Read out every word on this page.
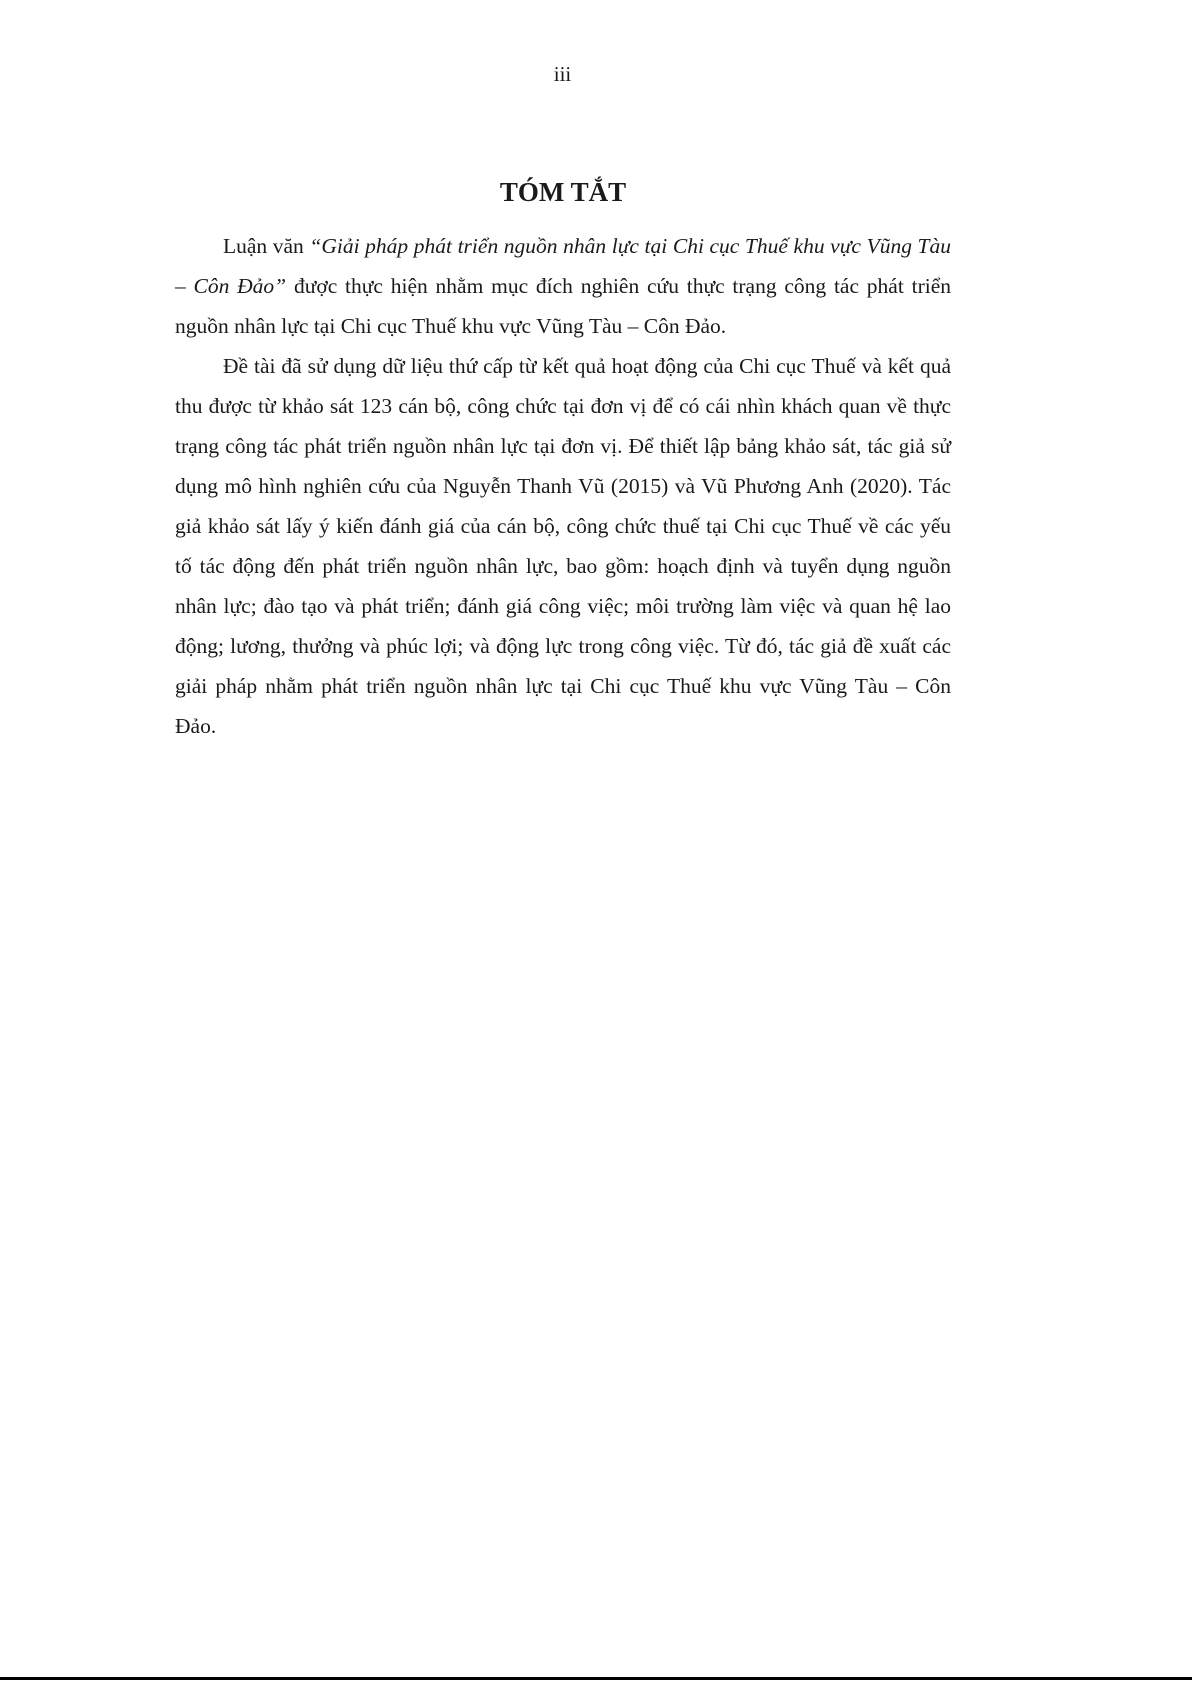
iii
TÓM TẮT

Luận văn “Giải pháp phát triển nguồn nhân lực tại Chi cục Thuế khu vực Vũng Tàu – Côn Đảo” được thực hiện nhằm mục đích nghiên cứu thực trạng công tác phát triển nguồn nhân lực tại Chi cục Thuế khu vực Vũng Tàu – Côn Đảo.

Đề tài đã sử dụng dữ liệu thứ cấp từ kết quả hoạt động của Chi cục Thuế và kết quả thu được từ khảo sát 123 cán bộ, công chức tại đơn vị để có cái nhìn khách quan về thực trạng công tác phát triển nguồn nhân lực tại đơn vị. Để thiết lập bảng khảo sát, tác giả sử dụng mô hình nghiên cứu của Nguyễn Thanh Vũ (2015) và Vũ Phương Anh (2020). Tác giả khảo sát lấy ý kiến đánh giá của cán bộ, công chức thuế tại Chi cục Thuế về các yếu tố tác động đến phát triển nguồn nhân lực, bao gồm: hoạch định và tuyển dụng nguồn nhân lực; đào tạo và phát triển; đánh giá công việc; môi trường làm việc và quan hệ lao động; lương, thưởng và phúc lợi; và động lực trong công việc. Từ đó, tác giả đề xuất các giải pháp nhằm phát triển nguồn nhân lực tại Chi cục Thuế khu vực Vũng Tàu – Côn Đảo.
